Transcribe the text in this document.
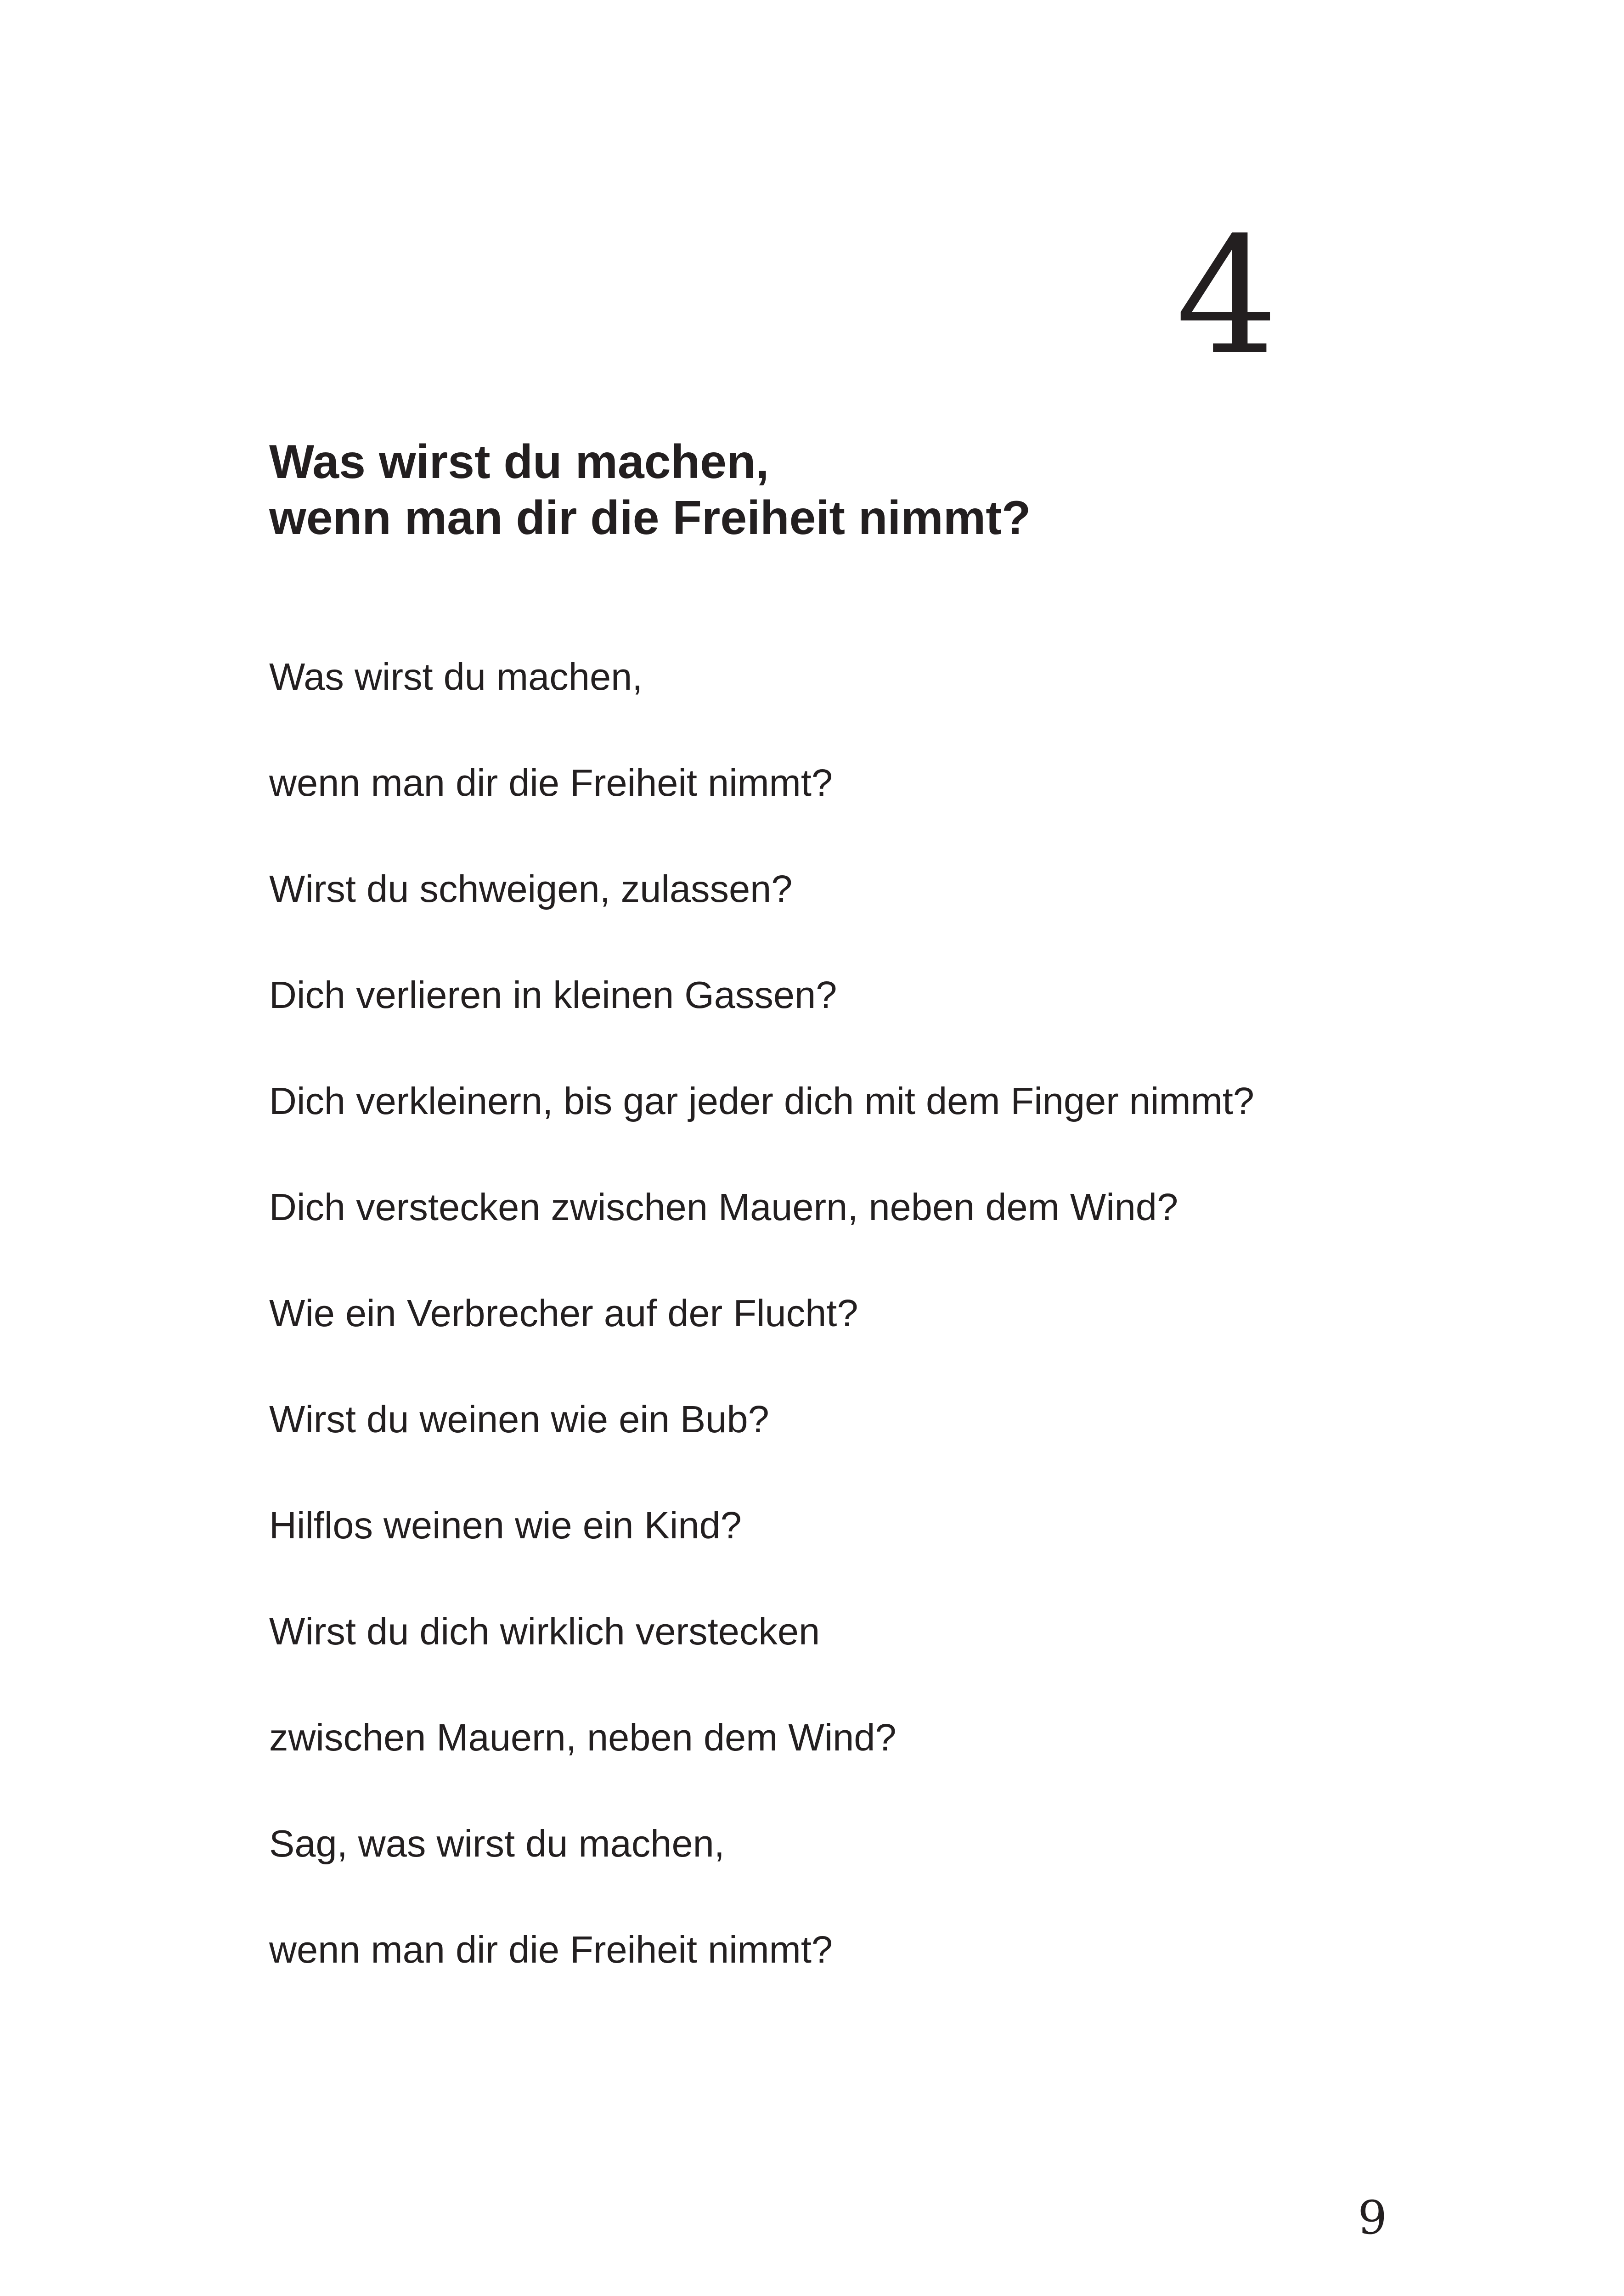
4
Was wirst du machen,
wenn man dir die Freiheit nimmt?
Was wirst du machen,
wenn man dir die Freiheit nimmt?
Wirst du schweigen, zulassen?
Dich verlieren in kleinen Gassen?
Dich verkleinern, bis gar jeder dich mit dem Finger nimmt?
Dich verstecken zwischen Mauern, neben dem Wind?
Wie ein Verbrecher auf der Flucht?
Wirst du weinen wie ein Bub?
Hilflos weinen wie ein Kind?
Wirst du dich wirklich verstecken
zwischen Mauern, neben dem Wind?
Sag, was wirst du machen,
wenn man dir die Freiheit nimmt?
9
